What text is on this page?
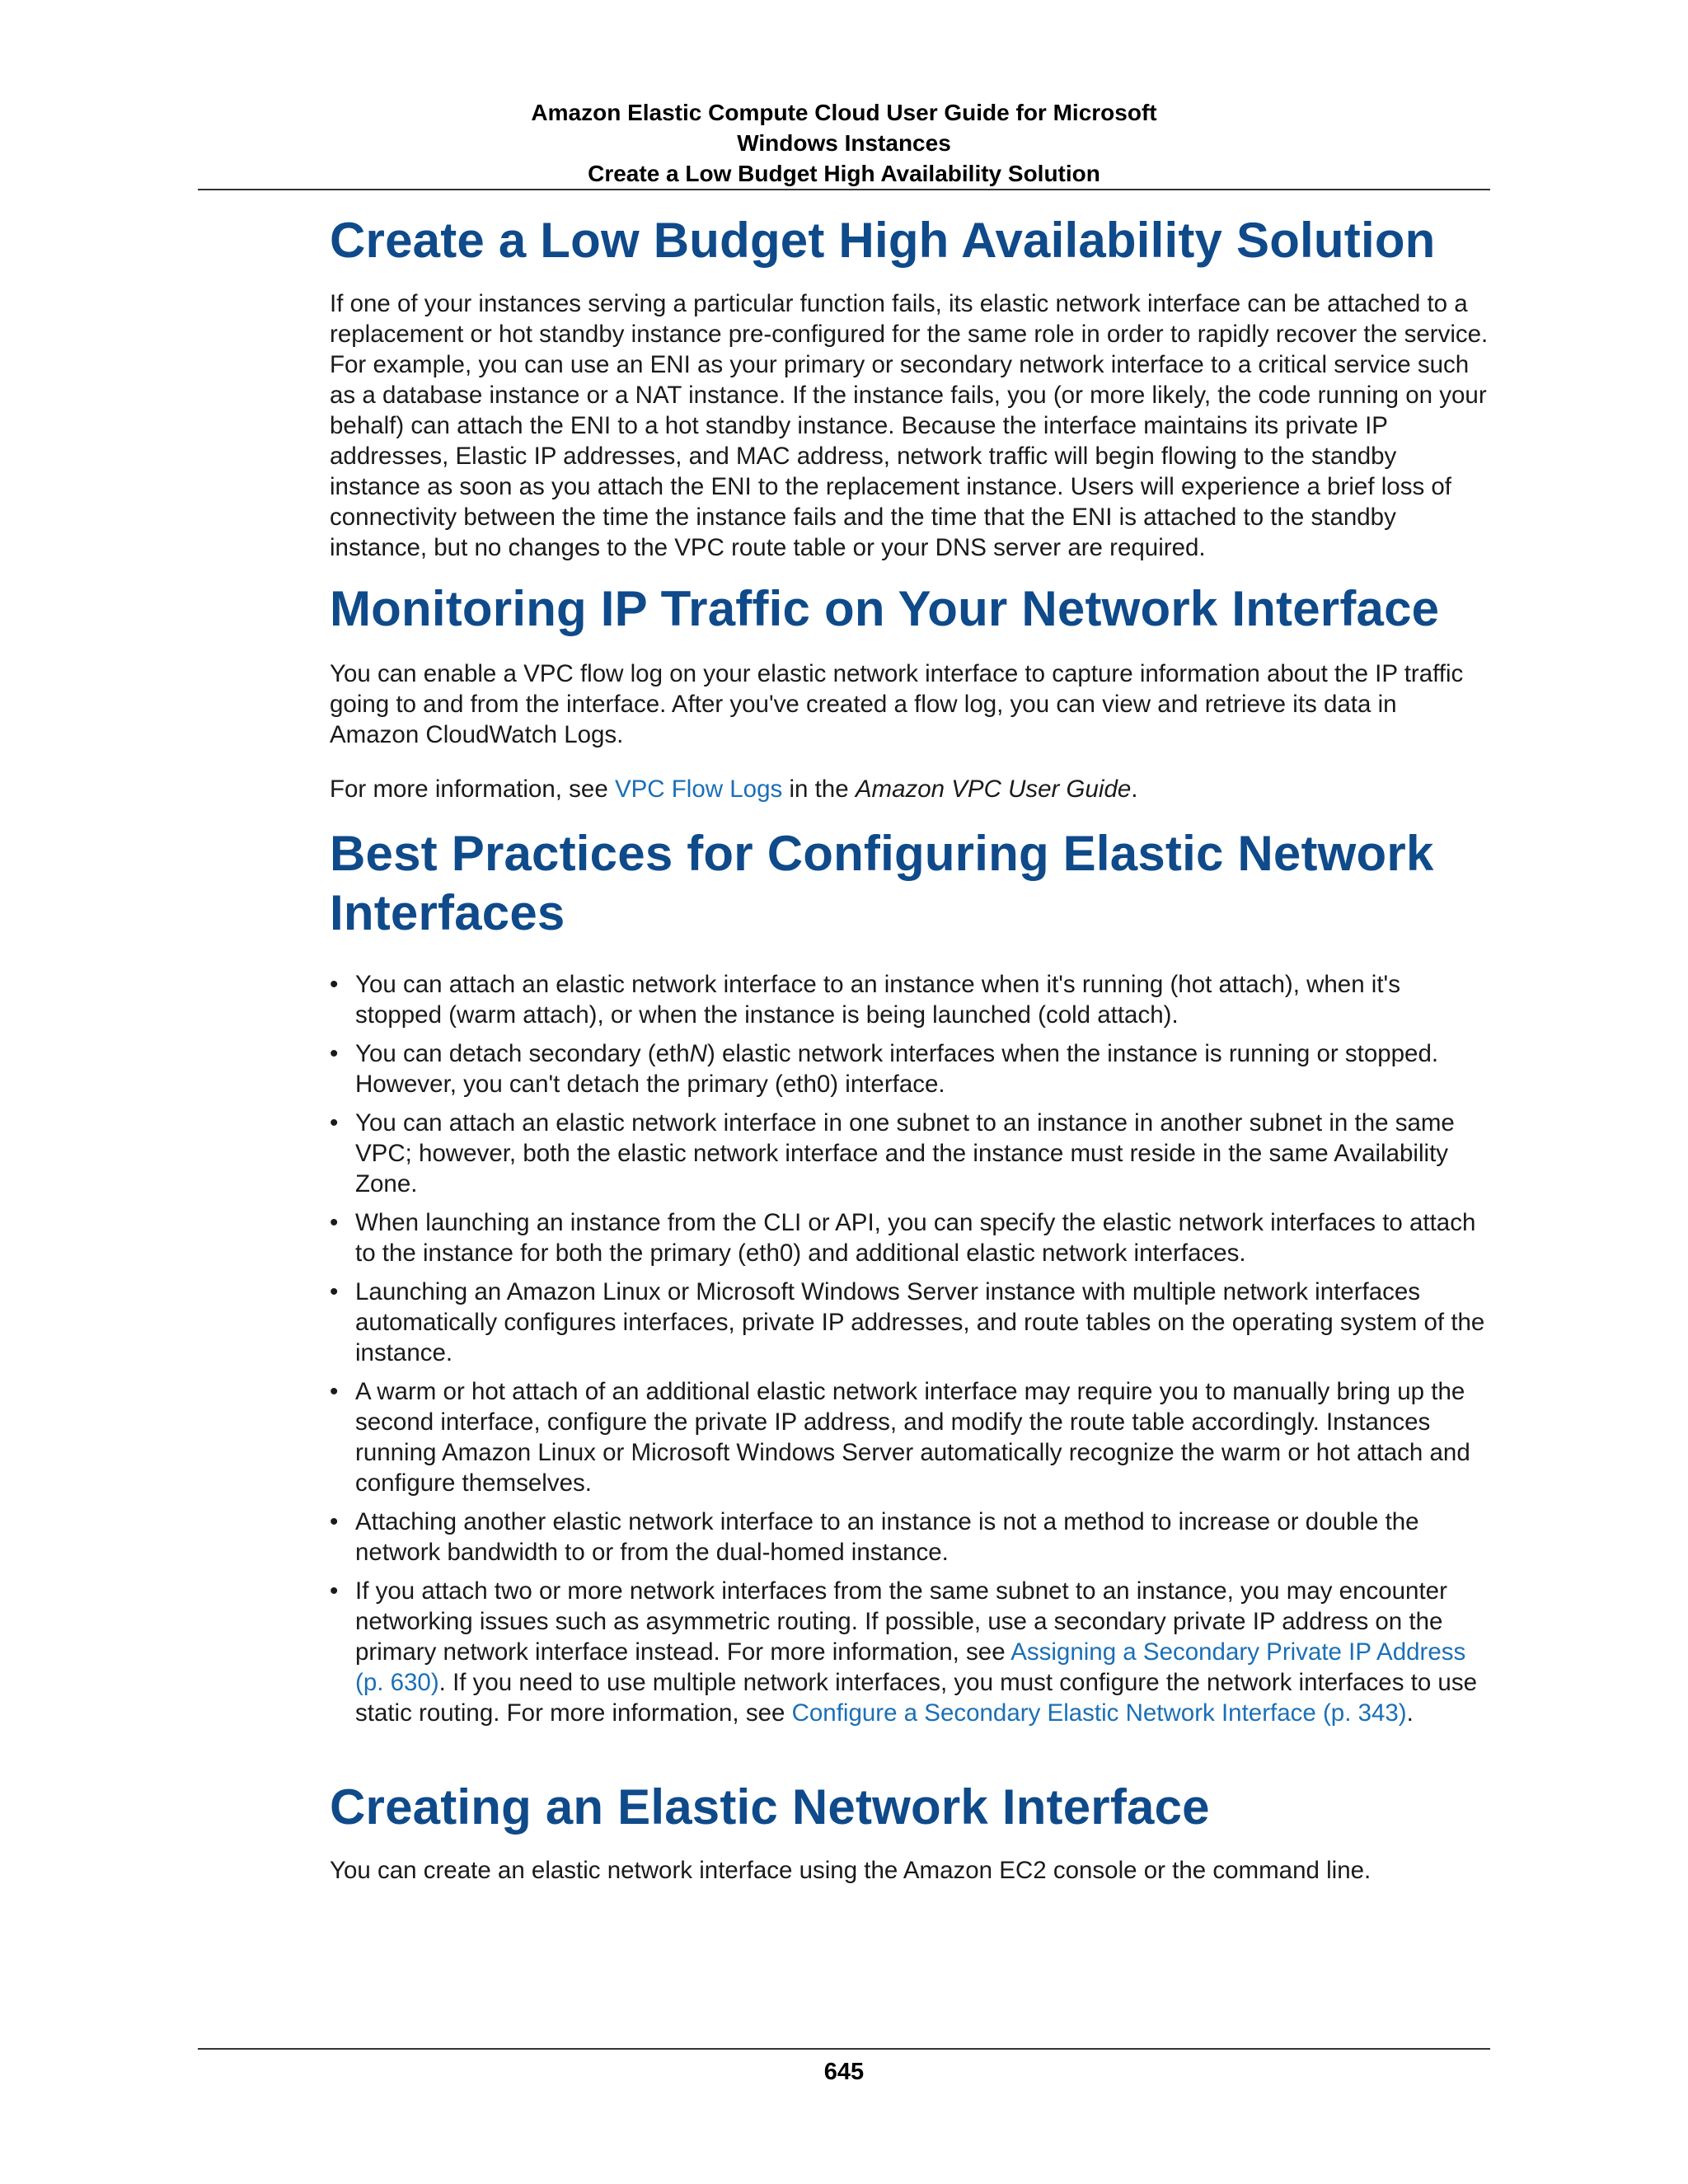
Amazon Elastic Compute Cloud User Guide for Microsoft
Windows Instances
Create a Low Budget High Availability Solution
Create a Low Budget High Availability Solution

If one of your instances serving a particular function fails, its elastic network interface can be attached to a replacement or hot standby instance pre-configured for the same role in order to rapidly recover the service. For example, you can use an ENI as your primary or secondary network interface to a critical service such as a database instance or a NAT instance. If the instance fails, you (or more likely, the code running on your behalf) can attach the ENI to a hot standby instance. Because the interface maintains its private IP addresses, Elastic IP addresses, and MAC address, network traffic will begin flowing to the standby instance as soon as you attach the ENI to the replacement instance. Users will experience a brief loss of connectivity between the time the instance fails and the time that the ENI is attached to the standby instance, but no changes to the VPC route table or your DNS server are required.

Monitoring IP Traffic on Your Network Interface

You can enable a VPC flow log on your elastic network interface to capture information about the IP traffic going to and from the interface. After you've created a flow log, you can view and retrieve its data in Amazon CloudWatch Logs.

For more information, see VPC Flow Logs in the Amazon VPC User Guide.

Best Practices for Configuring Elastic Network Interfaces
• You can attach an elastic network interface to an instance when it's running (hot attach), when it's stopped (warm attach), or when the instance is being launched (cold attach).
• You can detach secondary (ethN) elastic network interfaces when the instance is running or stopped. However, you can't detach the primary (eth0) interface.
• You can attach an elastic network interface in one subnet to an instance in another subnet in the same VPC; however, both the elastic network interface and the instance must reside in the same Availability Zone.
• When launching an instance from the CLI or API, you can specify the elastic network interfaces to attach to the instance for both the primary (eth0) and additional elastic network interfaces.
• Launching an Amazon Linux or Microsoft Windows Server instance with multiple network interfaces automatically configures interfaces, private IP addresses, and route tables on the operating system of the instance.
• A warm or hot attach of an additional elastic network interface may require you to manually bring up the second interface, configure the private IP address, and modify the route table accordingly. Instances running Amazon Linux or Microsoft Windows Server automatically recognize the warm or hot attach and configure themselves.
• Attaching another elastic network interface to an instance is not a method to increase or double the network bandwidth to or from the dual-homed instance.
• If you attach two or more network interfaces from the same subnet to an instance, you may encounter networking issues such as asymmetric routing. If possible, use a secondary private IP address on the primary network interface instead. For more information, see Assigning a Secondary Private IP Address (p. 630). If you need to use multiple network interfaces, you must configure the network interfaces to use static routing. For more information, see Configure a Secondary Elastic Network Interface (p. 343).
Creating an Elastic Network Interface

You can create an elastic network interface using the Amazon EC2 console or the command line.

645
